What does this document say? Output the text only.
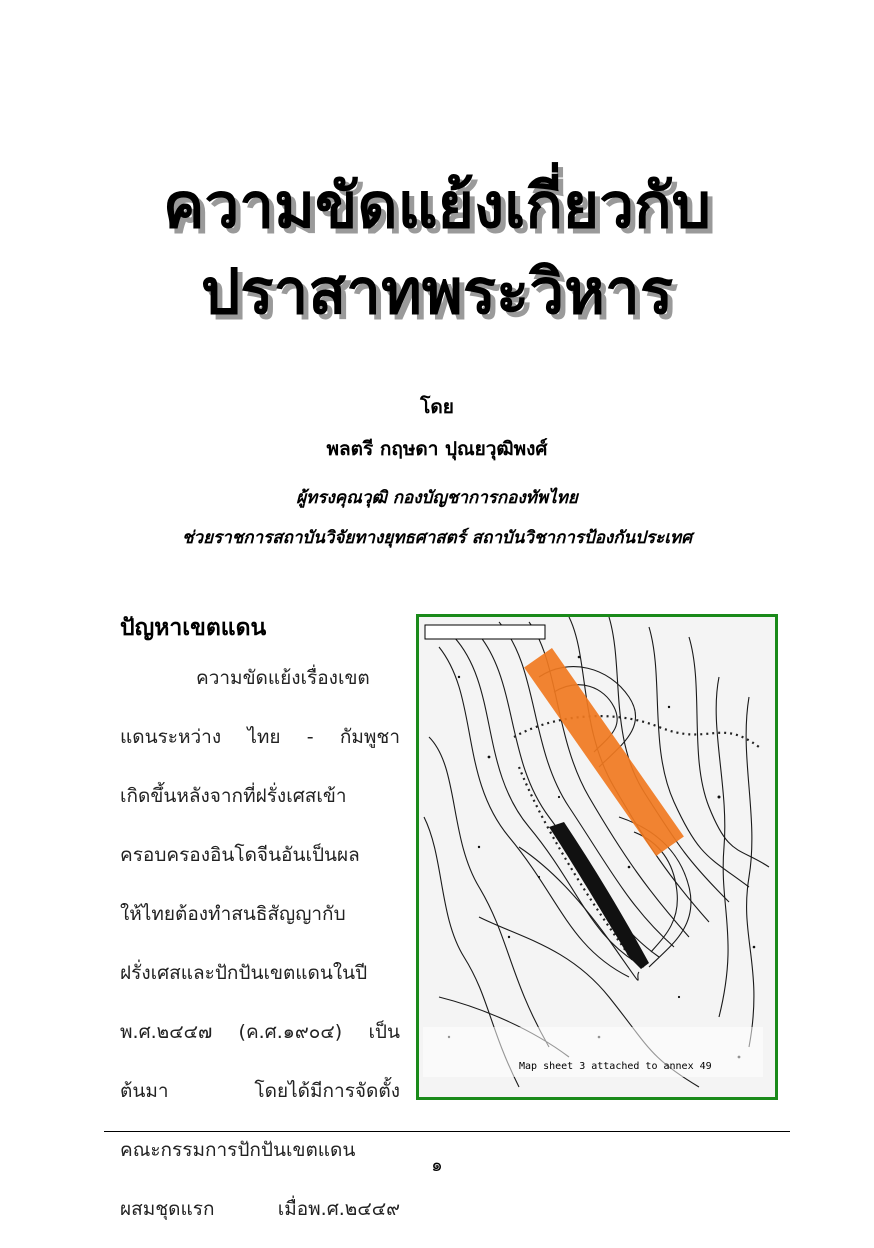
ความขัดแย้งเกี่ยวกับ
ปราสาทพระวิหาร
โดย
พลตรี กฤษดา ปุณยวุฒิพงศ์
ผู้ทรงคุณวุฒิ กองบัญชาการกองทัพไทย
ช่วยราชการสถาบันวิจัยทางยุทธศาสตร์ สถาบันวิชาการป้องกันประเทศ
ปัญหาเขตแดน
ความขัดแย้งเรื่องเขต
แดนระหว่าง ไทย - กัมพูชา
เกิดขึ้นหลังจากที่ฝรั่งเศสเข้า
ครอบครองอินโดจีนอันเป็นผล
ให้ไทยต้องทำสนธิสัญญากับ
ฝรั่งเศสและปักปันเขตแดนในปี
พ.ศ.๒๔๔๗ (ค.ศ.๑๙๐๔) เป็น
ต้นมา โดยได้มีการจัดตั้ง
คณะกรรมการปักปันเขตแดน
ผสมชุดแรก เมื่อพ.ศ.๒๔๔๙
Map sheet 3 attached to annex 49
๑
